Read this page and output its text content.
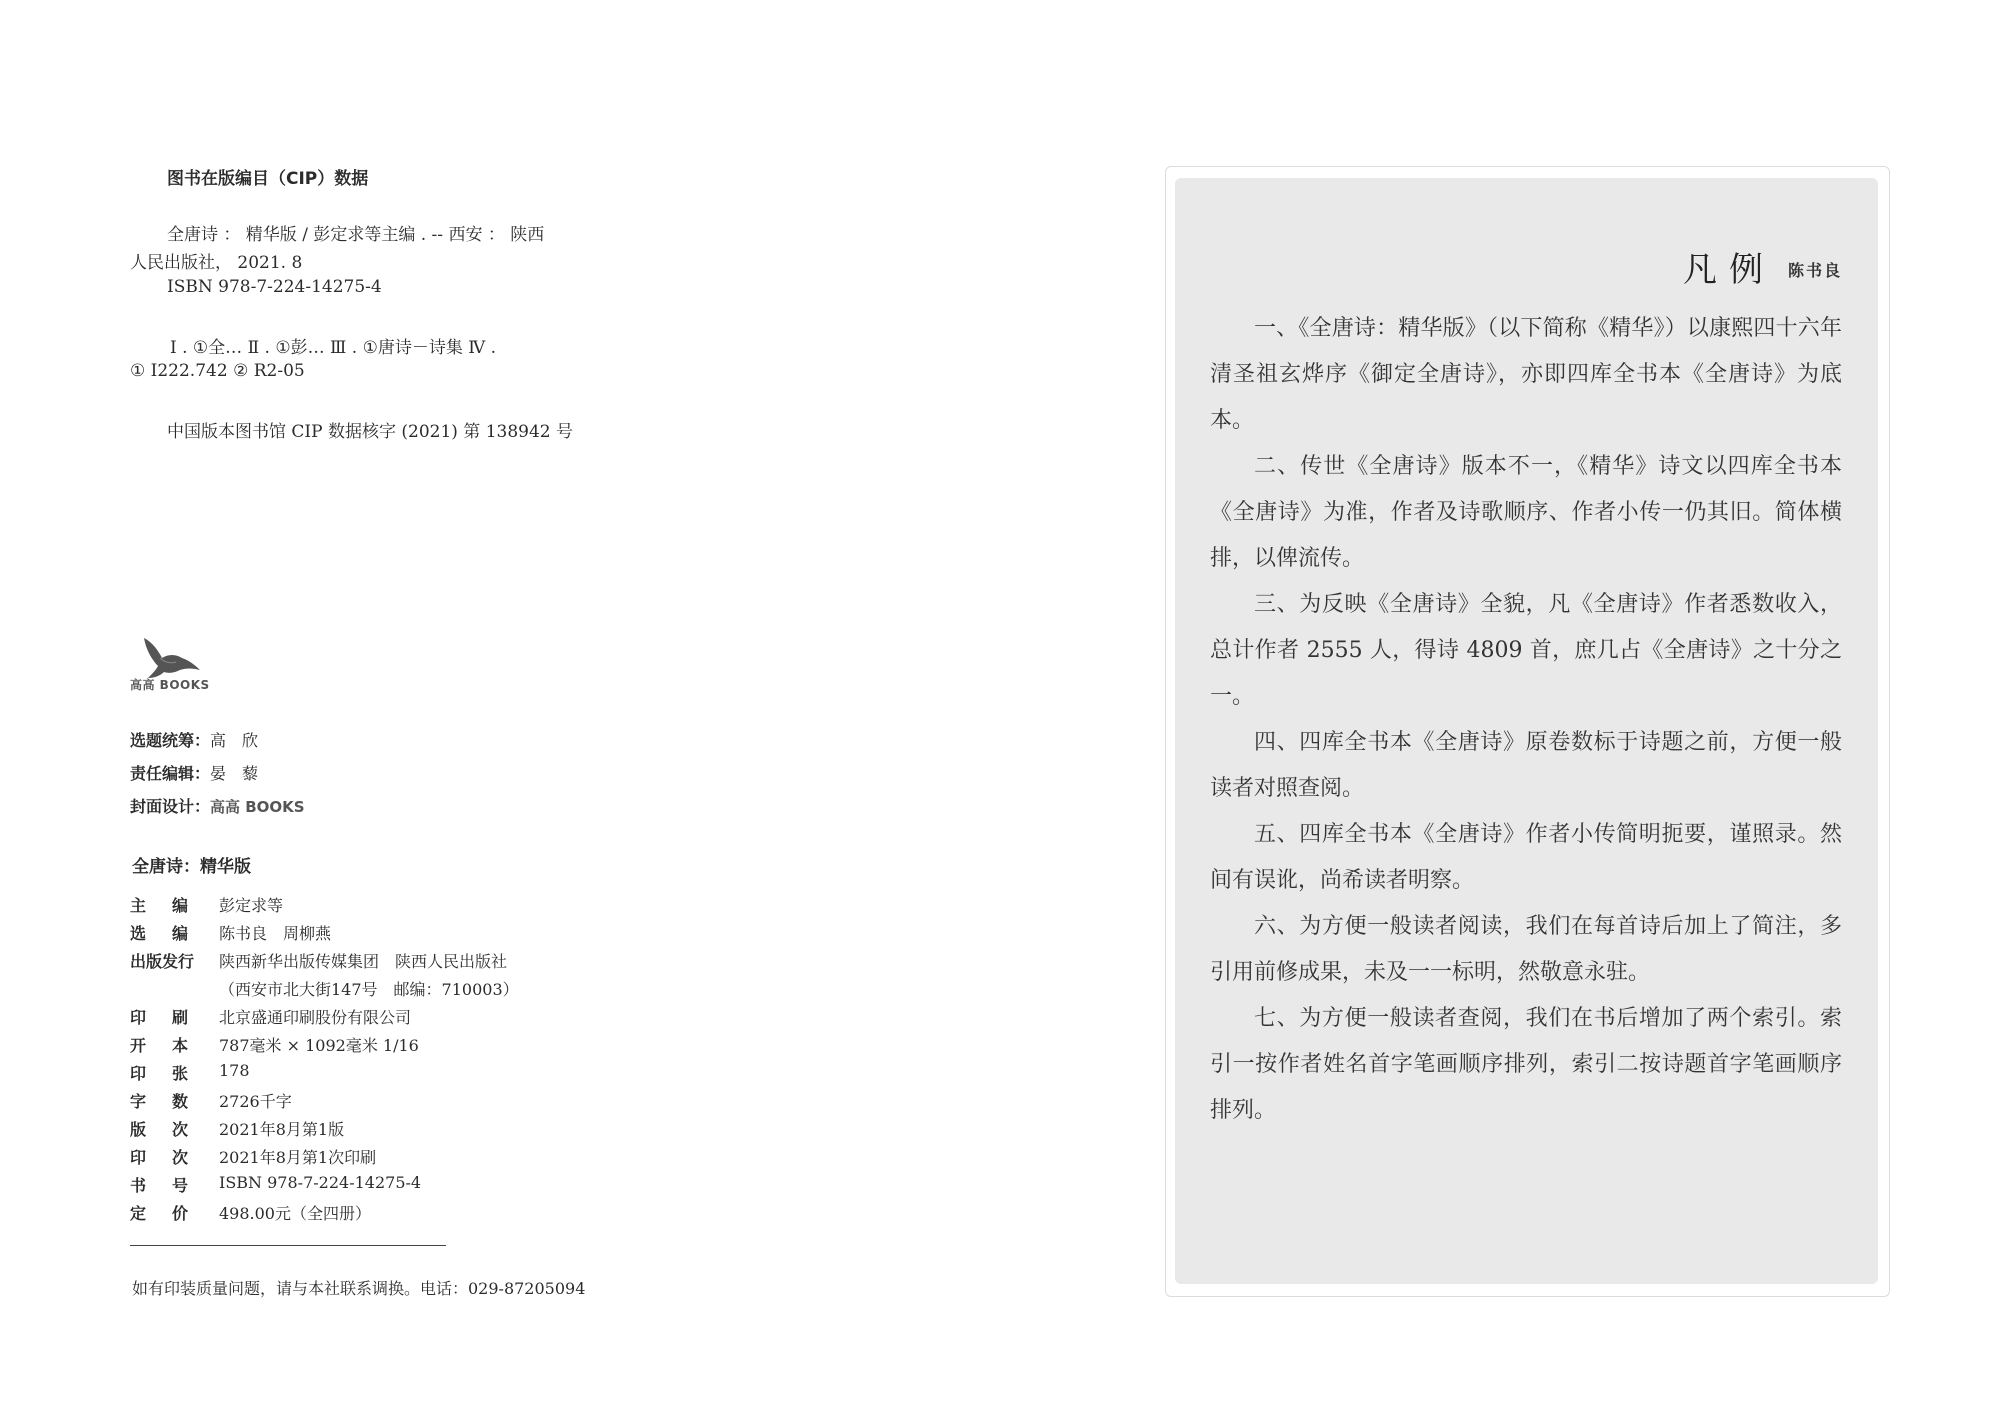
图书在版编目（CIP）数据
全唐诗 ： 精华版 / 彭定求等主编 . -- 西安 ： 陕西
人民出版社， 2021. 8
ISBN 978-7-224-14275-4
Ⅰ . ①全… Ⅱ . ①彭… Ⅲ . ①唐诗－诗集 Ⅳ .
① I222.742 ② R2-05
中国版本图书馆 CIP 数据核字 (2021) 第 138942 号
高高 BOOKS
选题统筹：高　欣
责任编辑：晏　藜
封面设计：高高 BOOKS
全唐诗：精华版
主编 彭定求等
选编 陈书良　周柳燕
出版发行	陕西新华出版传媒集团　陕西人民出版社
（西安市北大街147号　邮编：710003）
印刷 北京盛通印刷股份有限公司
开本 787毫米 × 1092毫米 1/16
印张 178
字数 2726千字
版次 2021年8月第1版
印次 2021年8月第1次印刷
书号 ISBN 978-7-224-14275-4
定价 498.00元（全四册）
如有印装质量问题，请与本社联系调换。电话：029-87205094
凡例 陈书良

一、《全唐诗：精华版》（以下简称《精华》）以康熙四十六年清圣祖玄烨序《御定全唐诗》，亦即四库全书本《全唐诗》为底本。

二、传世《全唐诗》版本不一，《精华》诗文以四库全书本《全唐诗》为准，作者及诗歌顺序、作者小传一仍其旧。简体横排，以俾流传。

三、为反映《全唐诗》全貌，凡《全唐诗》作者悉数收入，总计作者 2555 人，得诗 4809 首，庶几占《全唐诗》之十分之一。

四、四库全书本《全唐诗》原卷数标于诗题之前，方便一般读者对照查阅。

五、四库全书本《全唐诗》作者小传简明扼要，谨照录。然间有误讹，尚希读者明察。

六、为方便一般读者阅读，我们在每首诗后加上了简注，多引用前修成果，未及一一标明，然敬意永驻。

七、为方便一般读者查阅，我们在书后增加了两个索引。索引一按作者姓名首字笔画顺序排列，索引二按诗题首字笔画顺序排列。
